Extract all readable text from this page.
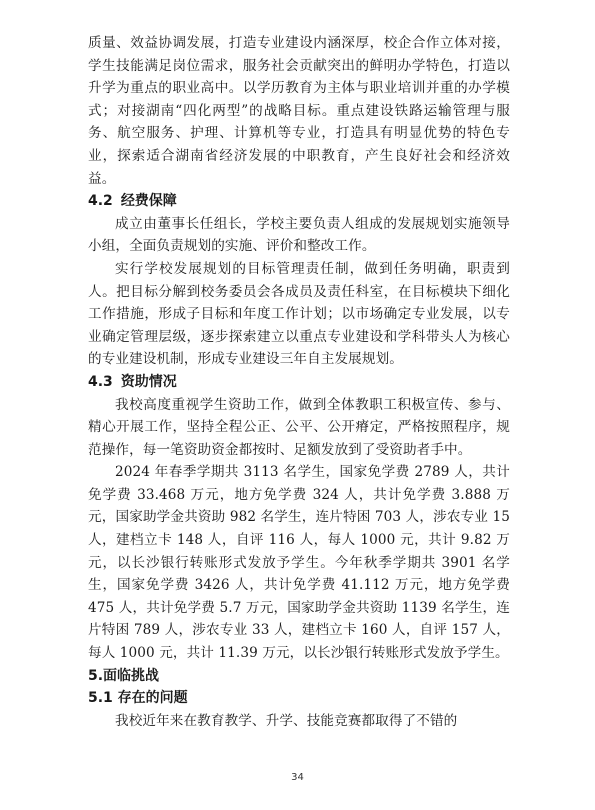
质量、效益协调发展，打造专业建设内涵深厚，校企合作立体对接，学生技能满足岗位需求，服务社会贡献突出的鲜明办学特色，打造以升学为重点的职业高中。以学历教育为主体与职业培训并重的办学模式；对接湖南“四化两型”的战略目标。重点建设铁路运输管理与服务、航空服务、护理、计算机等专业，打造具有明显优势的特色专业，探索适合湖南省经济发展的中职教育，产生良好社会和经济效益。

4.2 经费保障

成立由董事长任组长，学校主要负责人组成的发展规划实施领导小组，全面负责规划的实施、评价和整改工作。

实行学校发展规划的目标管理责任制，做到任务明确，职责到人。把目标分解到校务委员会各成员及责任科室，在目标模块下细化工作措施，形成子目标和年度工作计划；以市场确定专业发展，以专业确定管理层级，逐步探索建立以重点专业建设和学科带头人为核心的专业建设机制，形成专业建设三年自主发展规划。

4.3 资助情况

我校高度重视学生资助工作，做到全体教职工积极宣传、参与、精心开展工作，坚持全程公正、公平、公开瘠定，严格按照程序，规范操作，每一笔资助资金都按时、足额发放到了受资助者手中。

2024 年春季学期共 3113 名学生，国家免学费 2789 人，共计免学费 33.468 万元，地方免学费 324 人，共计免学费 3.888 万元，国家助学金共资助 982 名学生，连片特困 703 人，涉农专业 15 人，建档立卡 148 人，自评 116 人，每人 1000 元，共计 9.82 万元，以长沙银行转账形式发放予学生。今年秋季学期共 3901 名学生，国家免学费 3426 人，共计免学费 41.112 万元，地方免学费 475 人，共计免学费 5.7 万元，国家助学金共资助 1139 名学生，连片特困 789 人，涉农专业 33 人，建档立卡 160 人，自评 157 人，每人 1000 元，共计 11.39 万元，以长沙银行转账形式发放予学生。

5.面临挑战
5.1 存在的问题

我校近年来在教育教学、升学、技能竞赛都取得了不错的

34
